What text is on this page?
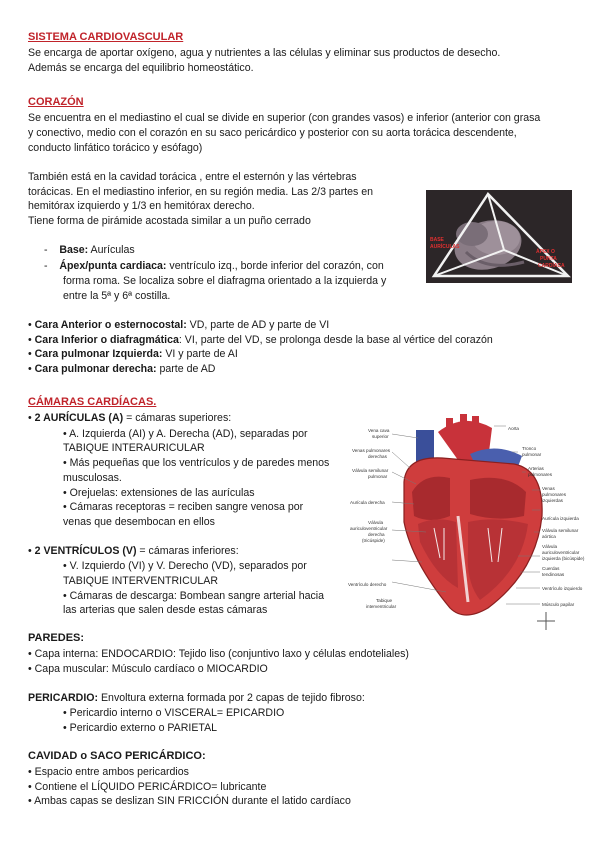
SISTEMA CARDIOVASCULAR
Se encarga de aportar oxígeno, agua y nutrientes a las células y eliminar sus productos de desecho.
Además se encarga del equilibrio homeostático.
CORAZÓN
Se encuentra en el mediastino el cual se divide en superior (con grandes vasos) e inferior (anterior con grasa
y conectivo, medio con el corazón en su saco pericárdico y posterior con su aorta torácica descendente,
conducto linfático torácico y esófago)
También está en la cavidad torácica , entre el esternón y las vértebras
torácicas. En el mediastino inferior, en su región media. Las 2/3 partes en
hemitórax izquierdo y 1/3 en hemitórax derecho.
Tiene forma de pirámide acostada similar a un puño cerrado
-    Base: Aurículas
-    Ápex/punta cardiaca: ventrículo izq., borde inferior del corazón, con
forma roma. Se localiza sobre el diafragma orientado a la izquierda y
entre la 5ª y 6ª costilla.
• Cara Anterior o esternocostal: VD, parte de AD y parte de VI
• Cara Inferior o diafragmática: VI, parte del VD, se prolonga desde la base al vértice del corazón
• Cara pulmonar Izquierda: VI y parte de AI
• Cara pulmonar derecha: parte de AD
BASE
AURÍCULAS
ÁPEX O
PUNTA
CARDÍACA
CÁMARAS CARDÍACAS.
• 2 AURÍCULAS (A) = cámaras superiores:
• A. Izquierda (AI) y A. Derecha (AD), separadas por
TABIQUE INTERAURICULAR
• Más pequeñas que los ventrículos y de paredes menos
musculosas.
• Orejuelas: extensiones de las aurículas
• Cámaras receptoras = reciben sangre venosa por
venas que desembocan en ellos
• 2 VENTRÍCULOS (V) = cámaras inferiores:
• V. Izquierdo (VI) y V. Derecho (VD), separados por
TABIQUE INTERVENTRICULAR
• Cámaras de descarga: Bombean sangre arterial hacia
las arterias que salen desde estas cámaras
Vena cava
superior
Venas pulmonares
derechas
Válvula semilunar
pulmonar
Aurícula derecha
Válvula
auriculoventricular
derecha
(tricúspide)
Ventrículo derecho
Tabique
interventricular
Aorta
Tronco
pulmonar
Arterias
pulmonares
Venas
pulmonares
izquierdas
Aurícula izquierda
Válvula semilunar
aórtica
Válvula
auriculoventricular
izquierda (bicúspide)
Cuerdas
tendinosas
Ventrículo izquierdo
Músculo papilar
PAREDES:
• Capa interna: ENDOCARDIO: Tejido liso (conjuntivo laxo y células endoteliales)
• Capa muscular: Músculo cardíaco o MIOCARDIO
PERICARDIO: Envoltura externa formada por 2 capas de tejido fibroso:
• Pericardio interno o VISCERAL= EPICARDIO
• Pericardio externo o PARIETAL
CAVIDAD o SACO PERICÁRDICO:
• Espacio entre ambos pericardios
• Contiene el LÍQUIDO PERICÁRDICO= lubricante
• Ambas capas se deslizan SIN FRICCIÓN durante el latido cardíaco
